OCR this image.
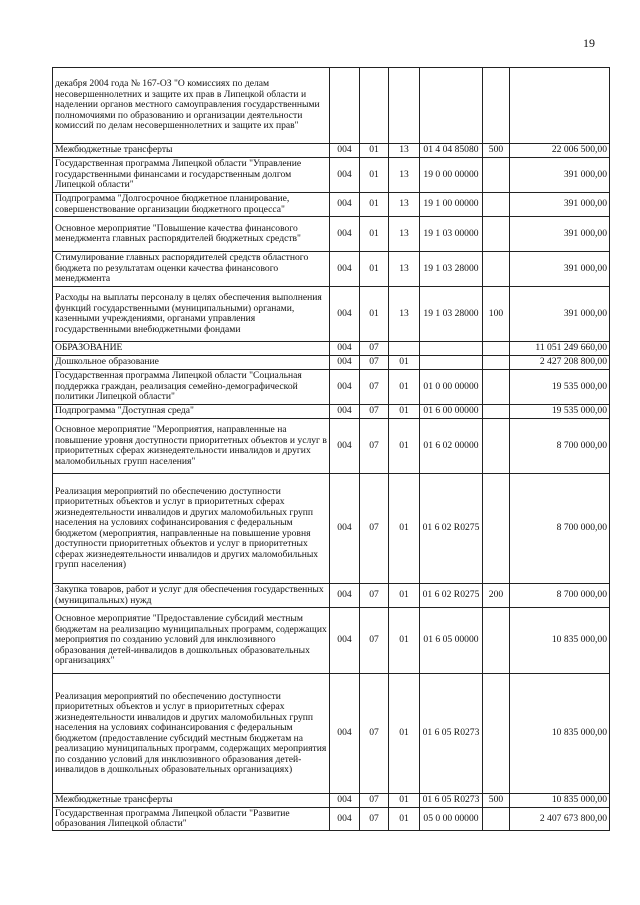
19
декабря 2004 года № 167-ОЗ "О комиссиях по делам несовершеннолетних и защите их прав в Липецкой области и наделении органов местного самоуправления государственными полномочиями по образованию и организации деятельности комиссий по делам несовершеннолетних и защите их прав"						
Межбюджетные трансферты	004	01	13	01 4 04 85080	500	22 006 500,00
Государственная программа Липецкой области "Управление государственными финансами и государственным долгом Липецкой области"	004	01	13	19 0 00 00000		391 000,00
Подпрограмма "Долгосрочное бюджетное планирование, совершенствование организации бюджетного процесса"	004	01	13	19 1 00 00000		391 000,00
Основное мероприятие "Повышение качества финансового менеджмента главных распорядителей бюджетных средств"	004	01	13	19 1 03 00000		391 000,00
Стимулирование главных распорядителей средств областного бюджета по результатам оценки качества финансового менеджмента	004	01	13	19 1 03 28000		391 000,00
Расходы на выплаты персоналу в целях обеспечения выполнения функций государственными (муниципальными) органами, казенными учреждениями, органами управления государственными внебюджетными фондами	004	01	13	19 1 03 28000	100	391 000,00
ОБРАЗОВАНИЕ	004	07				11 051 249 660,00
Дошкольное образование	004	07	01			2 427 208 800,00
Государственная программа Липецкой области "Социальная поддержка граждан, реализация семейно-демографической политики Липецкой области"	004	07	01	01 0 00 00000		19 535 000,00
Подпрограмма "Доступная среда"	004	07	01	01 6 00 00000		19 535 000,00
Основное мероприятие "Мероприятия, направленные на повышение уровня доступности приоритетных объектов и услуг в приоритетных сферах жизнедеятельности инвалидов и других маломобильных групп населения"	004	07	01	01 6 02 00000		8 700 000,00
Реализация мероприятий по обеспечению доступности приоритетных объектов и услуг в приоритетных сферах жизнедеятельности инвалидов и других маломобильных групп населения на условиях софинансирования с федеральным бюджетом (мероприятия, направленные на повышение уровня доступности приоритетных объектов и услуг в приоритетных сферах жизнедеятельности инвалидов и других маломобильных групп населения)	004	07	01	01 6 02 R0275		8 700 000,00
Закупка товаров, работ и услуг для обеспечения государственных (муниципальных) нужд	004	07	01	01 6 02 R0275	200	8 700 000,00
Основное мероприятие "Предоставление субсидий местным бюджетам на реализацию муниципальных программ, содержащих мероприятия по созданию условий для инклюзивного образования детей-инвалидов в дошкольных образовательных организациях"	004	07	01	01 6 05 00000		10 835 000,00
Реализация мероприятий по обеспечению доступности приоритетных объектов и услуг в приоритетных сферах жизнедеятельности инвалидов и других маломобильных групп населения на условиях софинансирования с федеральным бюджетом (предоставление субсидий местным бюджетам на реализацию муниципальных программ, содержащих мероприятия по созданию условий для инклюзивного образования детей-инвалидов в дошкольных образовательных организациях)	004	07	01	01 6 05 R0273		10 835 000,00
Межбюджетные трансферты	004	07	01	01 6 05 R0273	500	10 835 000,00
Государственная программа Липецкой области "Развитие образования Липецкой области"	004	07	01	05 0 00 00000		2 407 673 800,00
